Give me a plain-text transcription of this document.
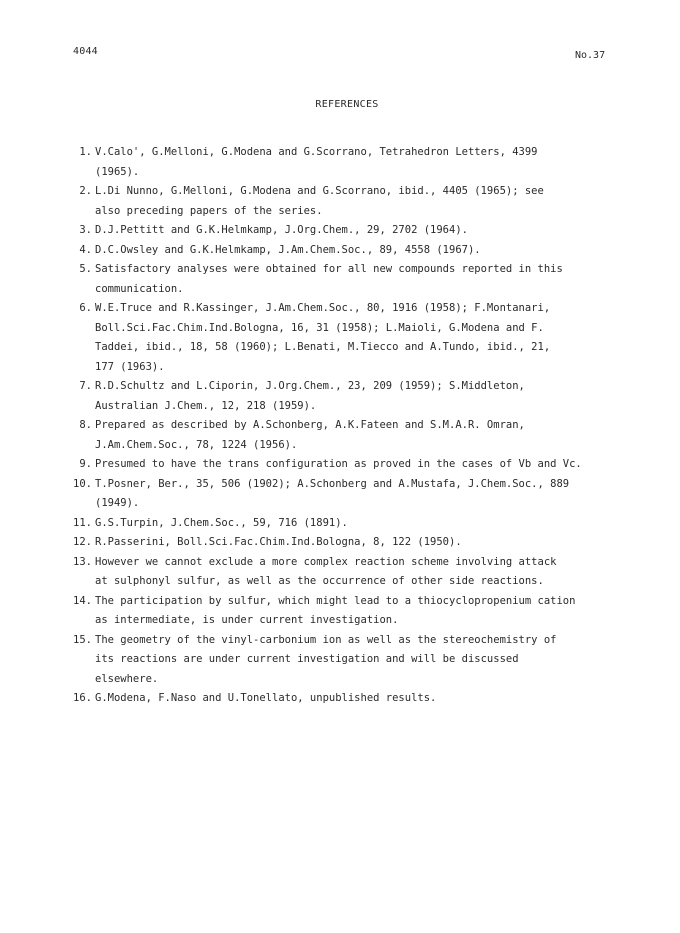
4044	No.37
REFERENCES
1. V.Calo', G.Melloni, G.Modena and G.Scorrano, Tetrahedron Letters, 4399
(1965).
2. L.Di Nunno, G.Melloni, G.Modena and G.Scorrano, ibid., 4405 (1965); see
also preceding papers of the series.
3. D.J.Pettitt and G.K.Helmkamp, J.Org.Chem., 29, 2702 (1964).
4. D.C.Owsley and G.K.Helmkamp, J.Am.Chem.Soc., 89, 4558 (1967).
5. Satisfactory analyses were obtained for all new compounds reported in this
communication.
6. W.E.Truce and R.Kassinger, J.Am.Chem.Soc., 80, 1916 (1958); F.Montanari,
Boll.Sci.Fac.Chim.Ind.Bologna, 16, 31 (1958); L.Maioli, G.Modena and F.
Taddei, ibid., 18, 58 (1960); L.Benati, M.Tiecco and A.Tundo, ibid., 21,
177 (1963).
7. R.D.Schultz and L.Ciporin, J.Org.Chem., 23, 209 (1959); S.Middleton,
Australian J.Chem., 12, 218 (1959).
8. Prepared as described by A.Schonberg, A.K.Fateen and S.M.A.R. Omran,
J.Am.Chem.Soc., 78, 1224 (1956).
9. Presumed to have the trans configuration as proved in the cases of Vb and Vc.
10. T.Posner, Ber., 35, 506 (1902); A.Schonberg and A.Mustafa, J.Chem.Soc., 889
(1949).
11. G.S.Turpin, J.Chem.Soc., 59, 716 (1891).
12. R.Passerini, Boll.Sci.Fac.Chim.Ind.Bologna, 8, 122 (1950).
13. However we cannot exclude a more complex reaction scheme involving attack
at sulphonyl sulfur, as well as the occurrence of other side reactions.
14. The participation by sulfur, which might lead to a thiocyclopropenium cation
as intermediate, is under current investigation.
15. The geometry of the vinyl-carbonium ion as well as the stereochemistry of
its reactions are under current investigation and will be discussed
elsewhere.
16. G.Modena, F.Naso and U.Tonellato, unpublished results.
